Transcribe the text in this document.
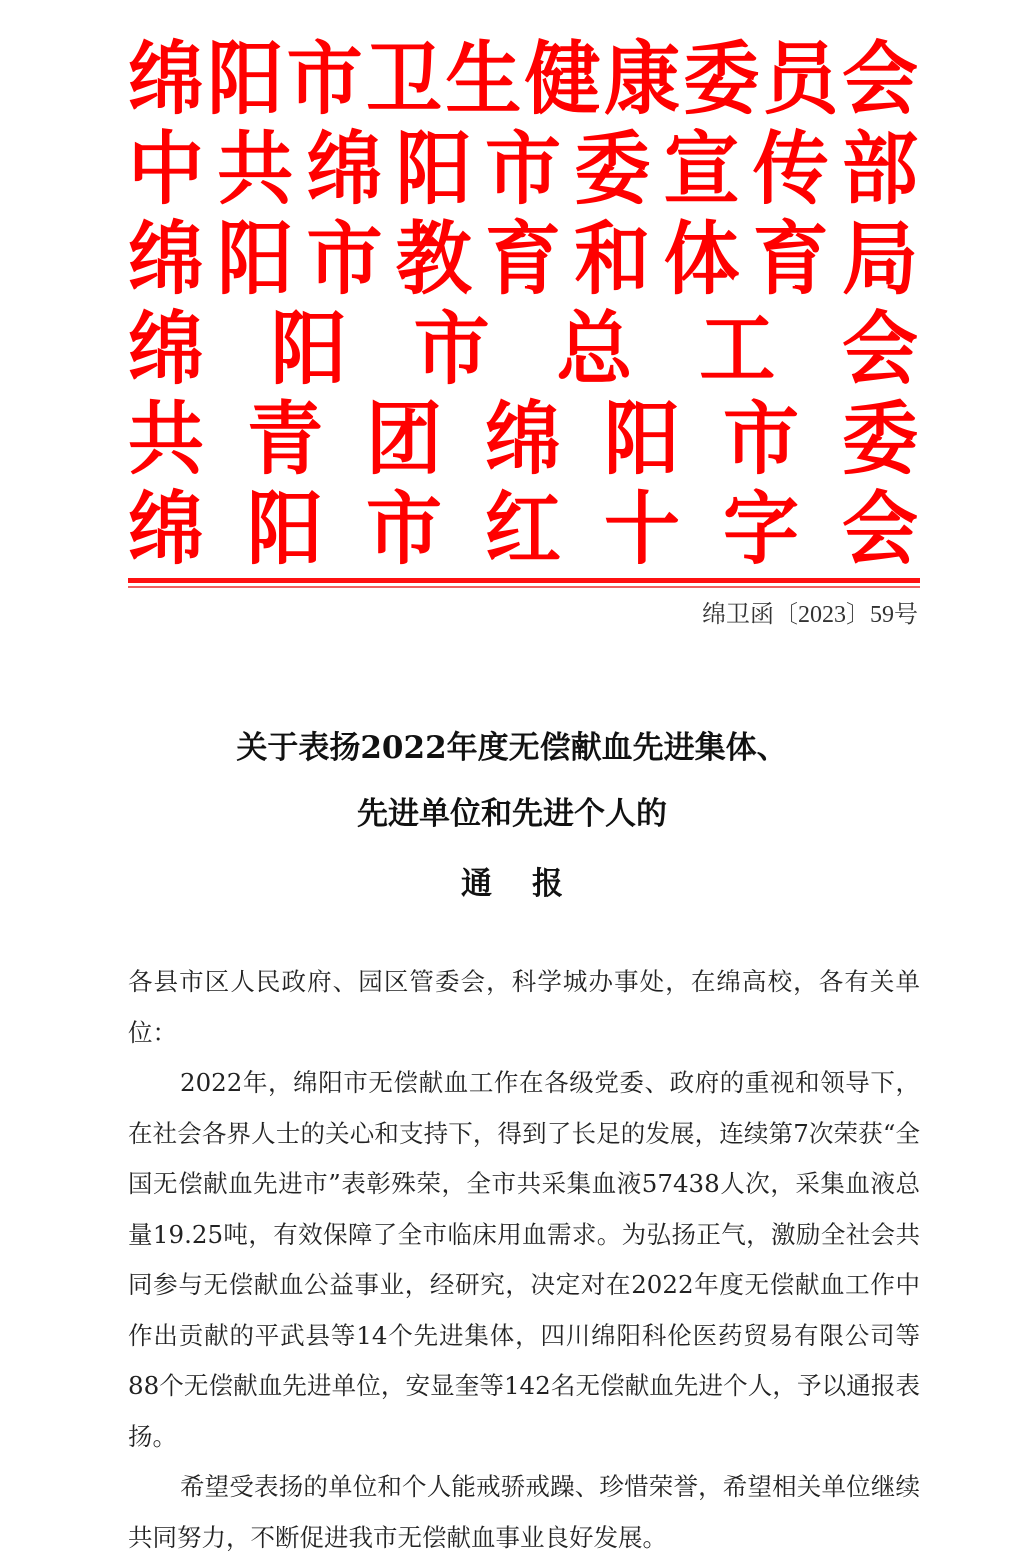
绵 阳 市 卫 生 健 康 委 员 会
中 共 绵 阳 市 委 宣 传 部
绵 阳 市 教 育 和 体 育 局
绵 阳 市 总 工 会
共 青 团 绵 阳 市 委
绵 阳 市 红 十 字 会
绵卫函〔2023〕59号
关于表扬2022年度无偿献血先进集体、
先进单位和先进个人的
通报

各县市区人民政府、园区管委会，科学城办事处，在绵高校，各有关单位：

2022年，绵阳市无偿献血工作在各级党委、政府的重视和领导下，在社会各界人士的关心和支持下，得到了长足的发展，连续第7次荣获“全国无偿献血先进市”表彰殊荣，全市共采集血液57438人次，采集血液总量19.25吨，有效保障了全市临床用血需求。为弘扬正气，激励全社会共同参与无偿献血公益事业，经研究，决定对在2022年度无偿献血工作中作出贡献的平武县等14个先进集体，四川绵阳科伦医药贸易有限公司等88个无偿献血先进单位，安显奎等142名无偿献血先进个人，予以通报表扬。

希望受表扬的单位和个人能戒骄戒躁、珍惜荣誉，希望相关单位继续共同努力，不断促进我市无偿献血事业良好发展。
